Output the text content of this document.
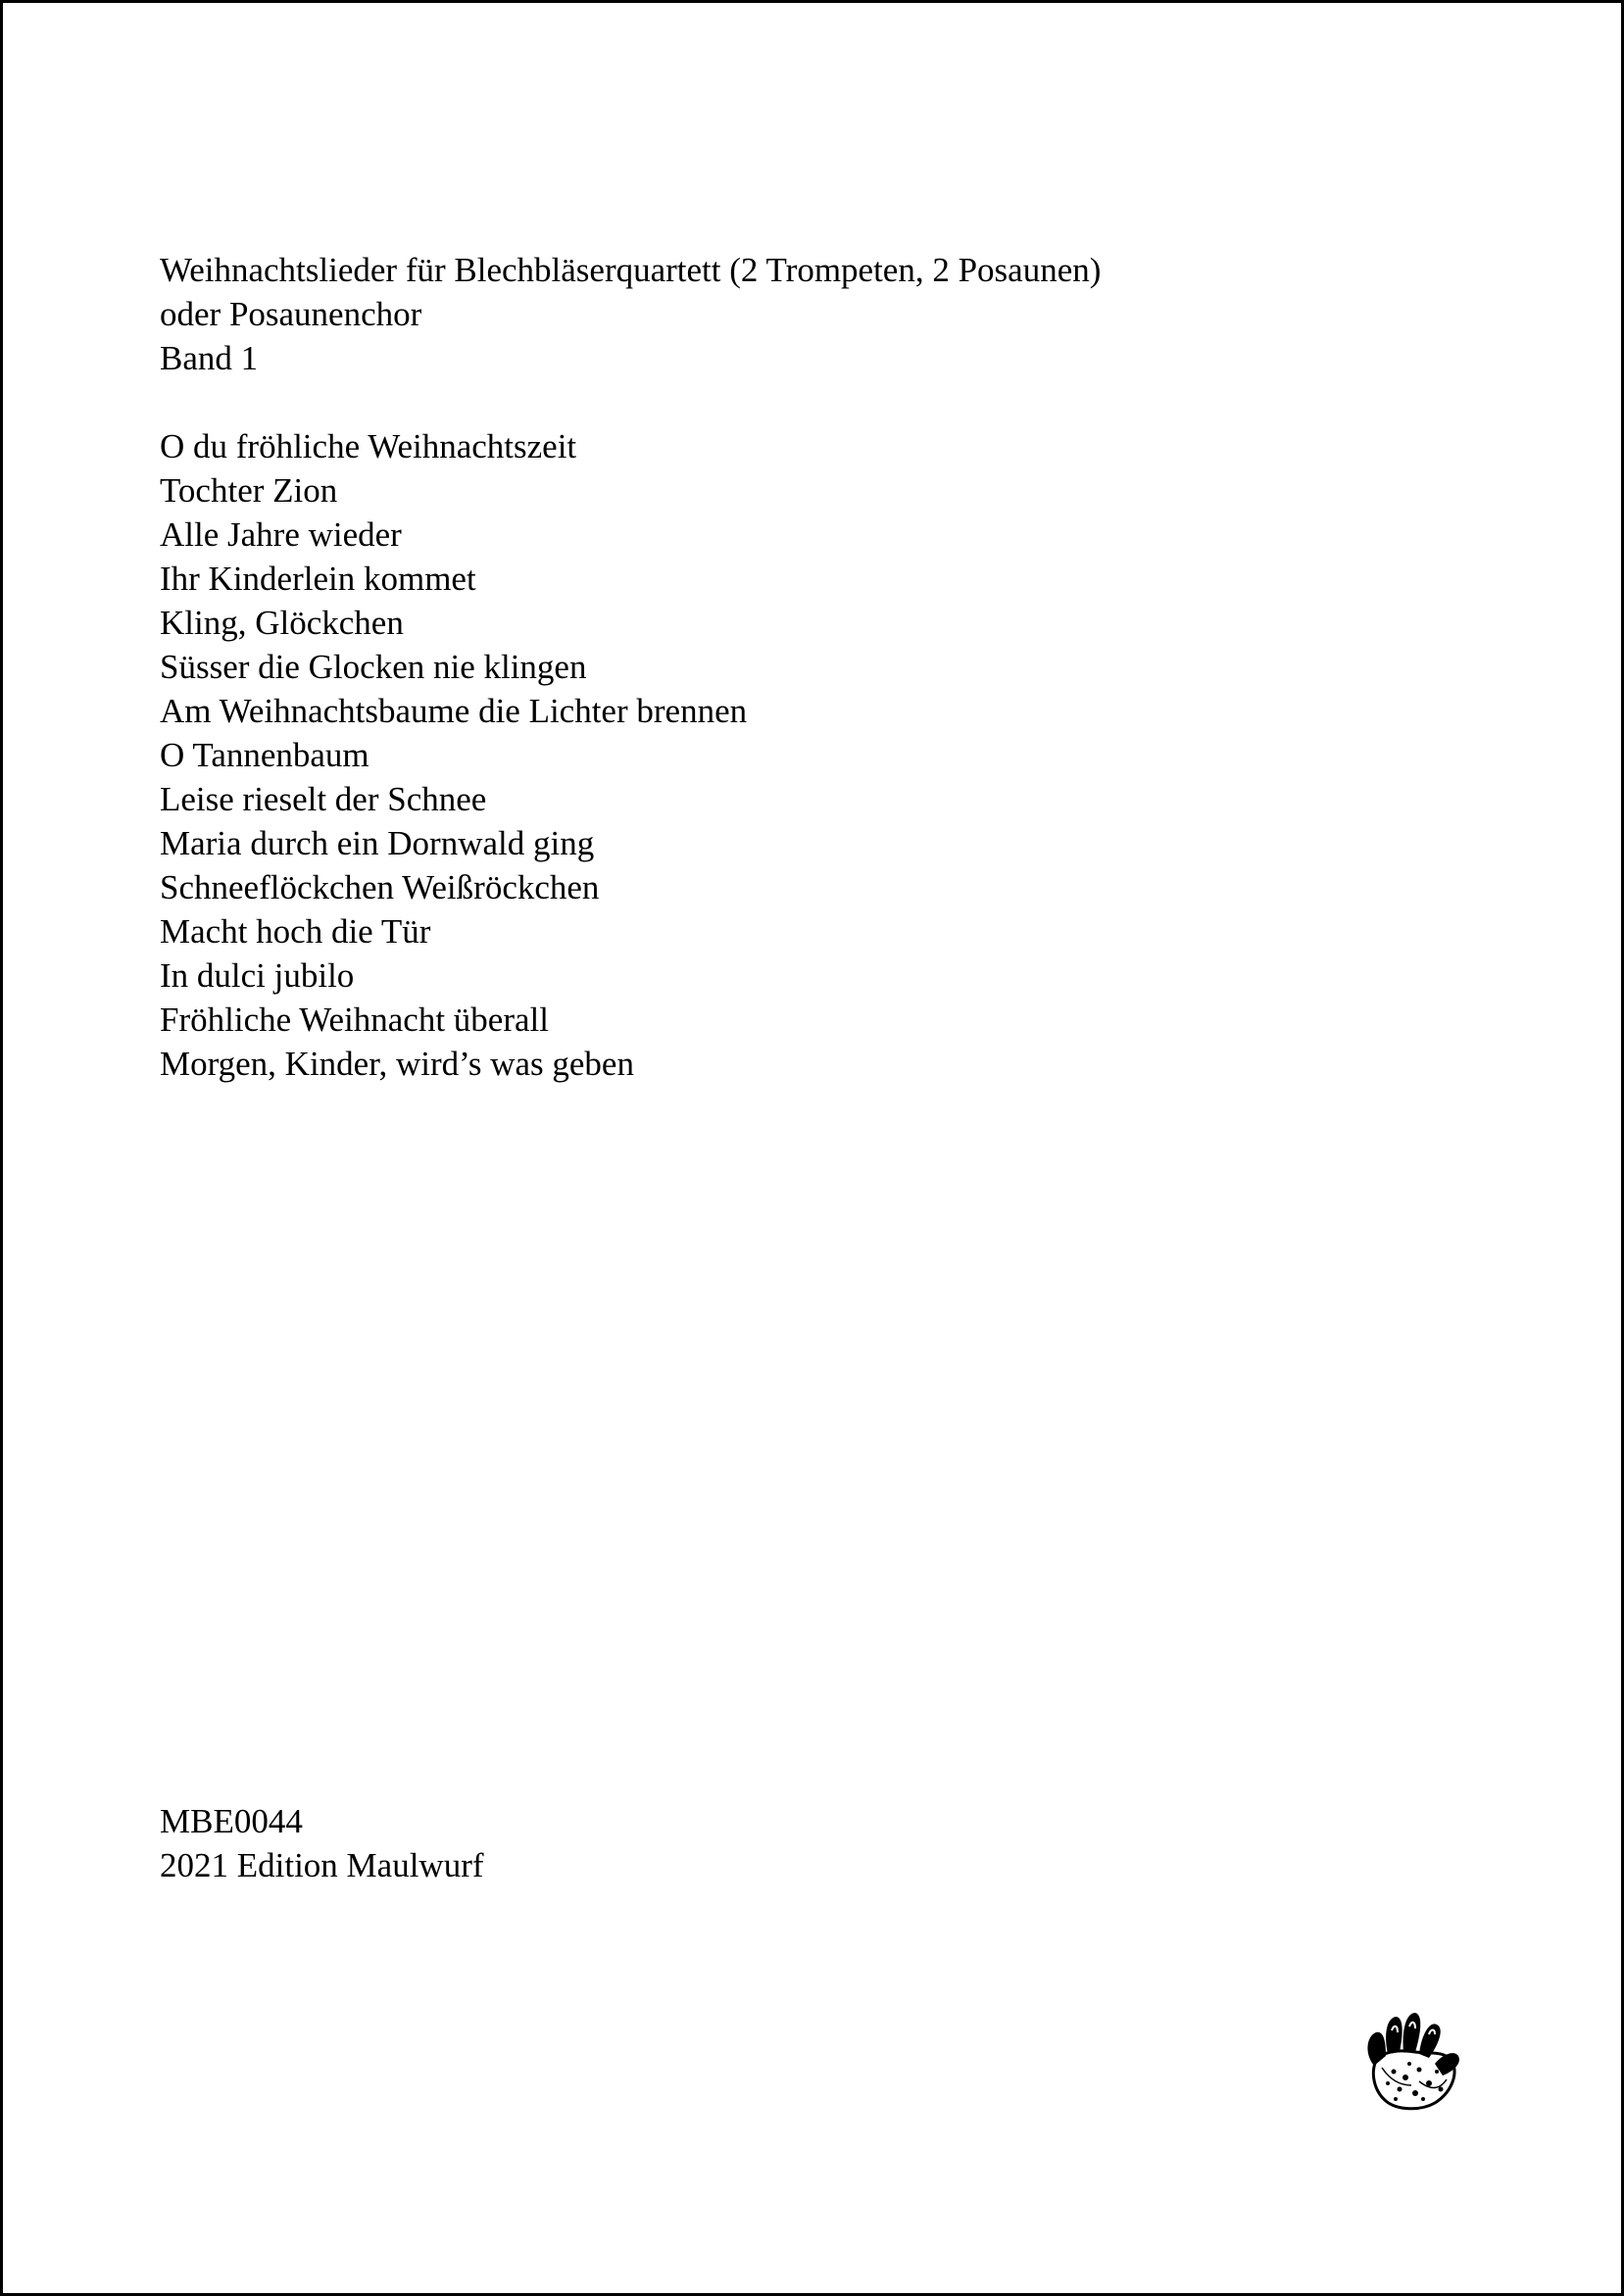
Weihnachtslieder für Blechbläserquartett (2 Trompeten, 2 Posaunen)
oder Posaunenchor
Band 1
O du fröhliche Weihnachtszeit
Tochter Zion
Alle Jahre wieder
Ihr Kinderlein kommet
Kling, Glöckchen
Süsser die Glocken nie klingen
Am Weihnachtsbaume die Lichter brennen
O Tannenbaum
Leise rieselt der Schnee
Maria durch ein Dornwald ging
Schneeflöckchen Weißröckchen
Macht hoch die Tür
In dulci jubilo
Fröhliche Weihnacht überall
Morgen, Kinder, wird’s was geben
MBE0044
2021 Edition Maulwurf
